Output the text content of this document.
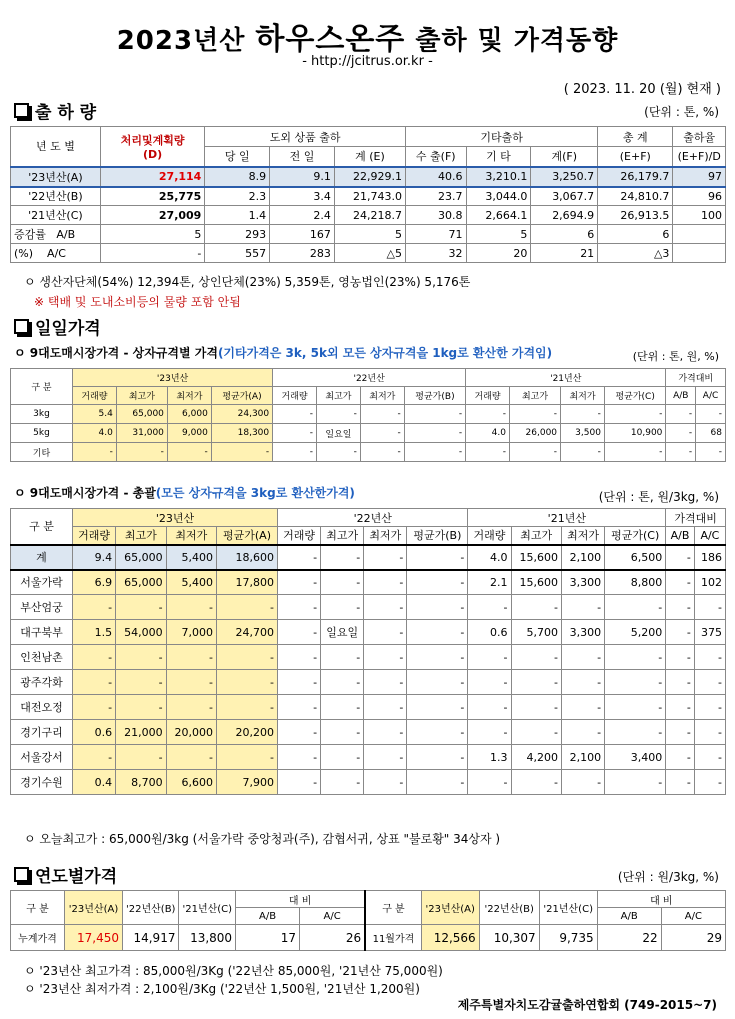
2023년산 하우스온주 출하 및 가격동향
- http://jcitrus.or.kr -
( 2023. 11. 20 (월) 현재 )
출 하 량	(단위 : 톤, %)
년 도 별	처리및계획량
(D)	도외 상품 출하			기타출하			총 계	출하율
		당 일	전 일	계 (E)	수 출(F)	기 타	계(F)	(E+F)	(E+F)/D
'23년산(A)	27,114	8.9	9.1	22,929.1	40.6	3,210.1	3,250.7	26,179.7	97
'22년산(B)	25,775	2.3	3.4	21,743.0	23.7	3,044.0	3,067.7	24,810.7	96
'21년산(C)	27,009	1.4	2.4	24,218.7	30.8	2,664.1	2,694.9	26,913.5	100
증감률 A/B	5	293	167	5	71	5	6	6	
(%) A/C	-	557	283	△5	32	20	21	△3	
ㅇ 생산자단체(54%) 12,394톤, 상인단체(23%) 5,359톤, 영농법인(23%) 5,176톤
※ 택배 및 도내소비등의 물량 포함 안됨
일일가격
ㅇ 9대도매시장가격 - 상자규격별 가격(기타가격은 3k, 5k외 모든 상자규격을 1kg로 환산한 가격임)	(단위 : 톤, 원, %)
구 분	'23년산				'22년산				'21년산				가격대비	
	거래량	최고가	최저가	평균가(A)	거래량	최고가	최저가	평균가(B)	거래량	최고가	최저가	평균가(C)	A/B	A/C
3kg	5.4	65,000	6,000	24,300	-	-	-	-	-	-	-	-	-	-
5kg	4.0	31,000	9,000	18,300	-	일요일	-	-	4.0	26,000	3,500	10,900	-	68
기타	-	-	-	-	-	-	-	-	-	-	-	-	-	-
ㅇ 9대도매시장가격 - 총괄(모든 상자규격을 3kg로 환산한가격)	(단위 : 톤, 원/3kg, %)
구 분	'23년산				'22년산				'21년산				가격대비	
	거래량	최고가	최저가	평균가(A)	거래량	최고가	최저가	평균가(B)	거래량	최고가	최저가	평균가(C)	A/B	A/C
계	9.4	65,000	5,400	18,600	-	-	-	-	4.0	15,600	2,100	6,500	-	186
서울가락	6.9	65,000	5,400	17,800	-	-	-	-	2.1	15,600	3,300	8,800	-	102
부산엄궁	-	-	-	-	-	-	-	-	-	-	-	-	-	-
대구북부	1.5	54,000	7,000	24,700	-	일요일	-	-	0.6	5,700	3,300	5,200	-	375
인천남촌	-	-	-	-	-	-	-	-	-	-	-	-	-	-
광주각화	-	-	-	-	-	-	-	-	-	-	-	-	-	-
대전오정	-	-	-	-	-	-	-	-	-	-	-	-	-	-
경기구리	0.6	21,000	20,000	20,200	-	-	-	-	-	-	-	-	-	-
서울강서	-	-	-	-	-	-	-	-	1.3	4,200	2,100	3,400	-	-
경기수원	0.4	8,700	6,600	7,900	-	-	-	-	-	-	-	-	-	-
ㅇ 오늘최고가 : 65,000원/3kg (서울가락 중앙청과(주), 감협서귀, 상표 "불로황" 34상자 )
연도별가격	(단위 : 원/3kg, %)
구 분	'23년산(A)	'22년산(B)	'21년산(C)	대 비		구 분	'23년산(A)	'22년산(B)	'21년산(C)	대 비	
				A/B	A/C					A/B	A/C
누계가격	17,450	14,917	13,800	17	26	11월가격	12,566	10,307	9,735	22	29
ㅇ '23년산 최고가격 : 85,000원/3Kg ('22년산 85,000원, '21년산 75,000원)
ㅇ '23년산 최저가격 : 2,100원/3Kg ('22년산 1,500원, '21년산 1,200원)
제주특별자치도감귤출하연합회 (749-2015~7)
